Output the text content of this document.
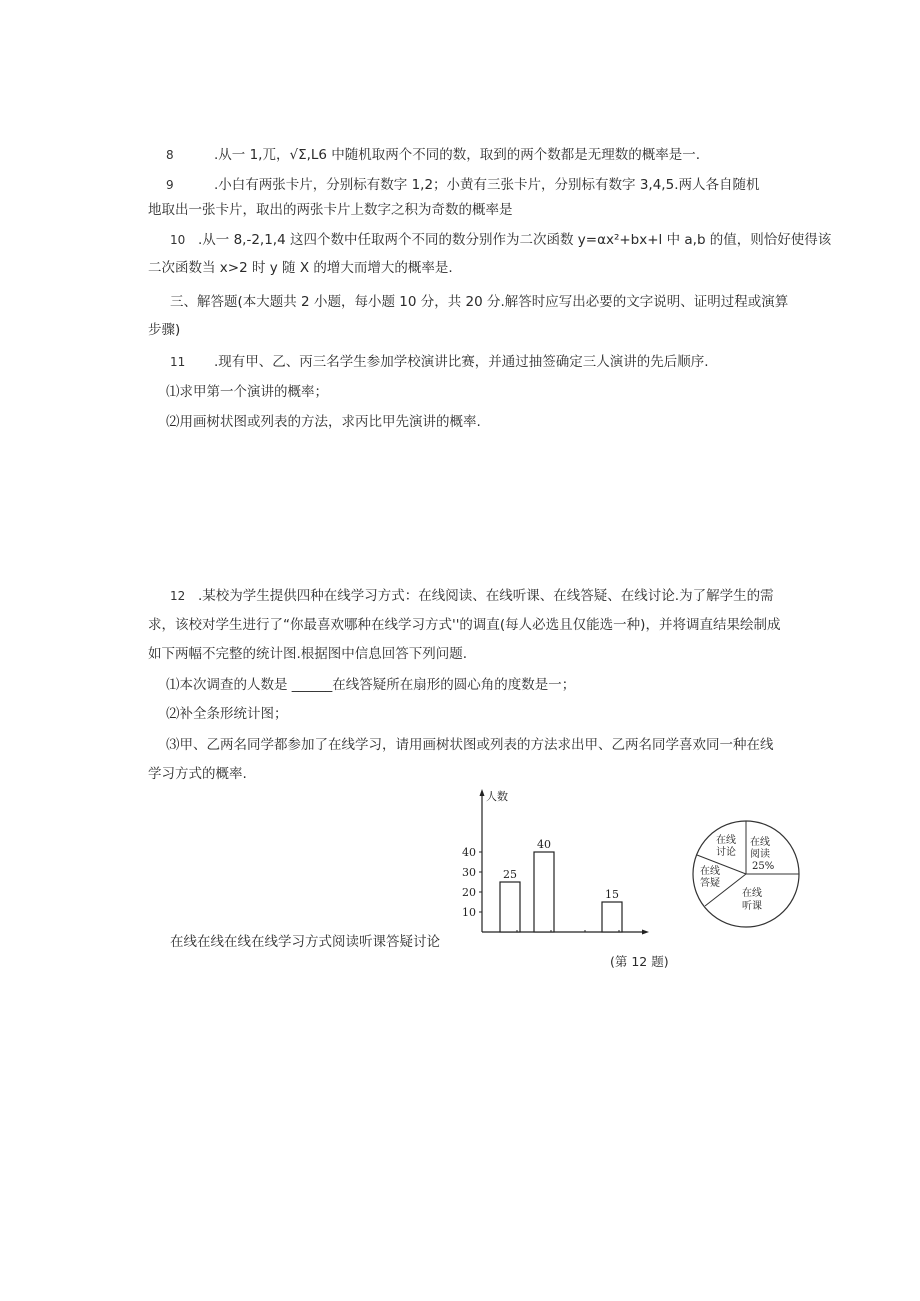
8	.从一 1,兀，√Σ,L6 中随机取两个不同的数，取到的两个数都是无理数的概率是一.
9	.小白有两张卡片，分别标有数字 1,2；小黄有三张卡片，分别标有数字 3,4,5.两人各自随机
地取出一张卡片，取出的两张卡片上数字之积为奇数的概率是
10 .从一 8,-2,1,4 这四个数中任取两个不同的数分别作为二次函数 y=αx²+bx+l 中 a,b 的值，则恰好使得该
二次函数当 x>2 时 y 随 X 的增大而增大的概率是.
三、解答题(本大题共 2 小题，每小题 10 分，共 20 分.解答时应写出必要的文字说明、证明过程或演算
步骤)
11 .现有甲、乙、丙三名学生参加学校演讲比赛，并通过抽签确定三人演讲的先后顺序.
⑴求甲第一个演讲的概率；
⑵用画树状图或列表的方法，求丙比甲先演讲的概率.
12 .某校为学生提供四种在线学习方式：在线阅读、在线听课、在线答疑、在线讨论.为了解学生的需
求，该校对学生进行了“你最喜欢哪种在线学习方式''的调直(每人必选且仅能选一种)，并将调直结果绘制成
如下两幅不完整的统计图.根据图中信息回答下列问题.
⑴本次调查的人数是 ______在线答疑所在扇形的圆心角的度数是一；
⑵补全条形统计图；
⑶甲、乙两名同学都参加了在线学习，请用画树状图或列表的方法求出甲、乙两名同学喜欢同一种在线
学习方式的概率.
人数
10
20
30
40
25
40
15
在线在线在线在线学习方式阅读听课答疑讨论
在线
阅读
25%
在线
听课
在线
答疑
在线
讨论
(第 12 题)
